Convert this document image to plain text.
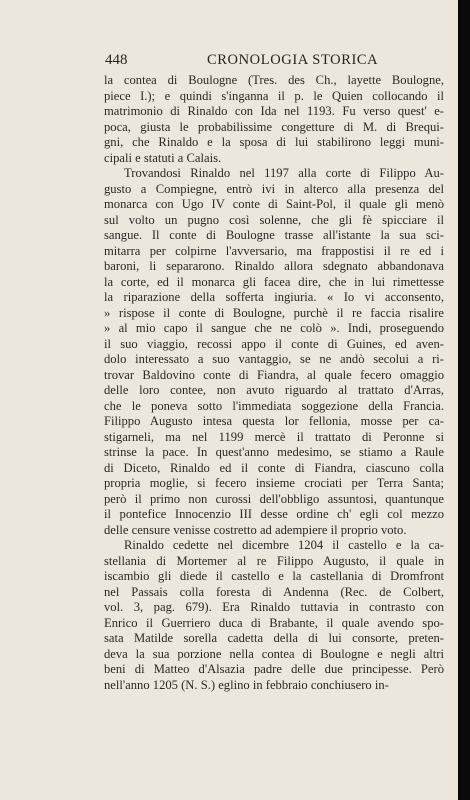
448	CRONOLOGIA STORICA
la contea di Boulogne (Tres. des Ch., layette Boulogne,
piece I.); e quindi s'inganna il p. le Quien collocando il
matrimonio di Rinaldo con Ida nel 1193. Fu verso quest' e-
poca, giusta le probabilissime congetture di M. di Brequi-
gni, che Rinaldo e la sposa di lui stabilirono leggi muni-
cipali e statuti a Calais.
Trovandosi Rinaldo nel 1197 alla corte di Filippo Au-
gusto a Compiegne, entrò ivi in alterco alla presenza del
monarca con Ugo IV conte di Saint-Pol, il quale gli menò
sul volto un pugno così solenne, che gli fè spicciare il
sangue. Il conte di Boulogne trasse all'istante la sua sci-
mitarra per colpirne l'avversario, ma frappostisi il re ed i
baroni, li separarono. Rinaldo allora sdegnato abbandonava
la corte, ed il monarca gli facea dire, che in lui rimettesse
la riparazione della sofferta ingiuria. « Io vi acconsento,
» rispose il conte di Boulogne, purchè il re faccia risalire
» al mio capo il sangue che ne colò ». Indi, proseguendo
il suo viaggio, recossi appo il conte di Guines, ed aven-
dolo interessato a suo vantaggio, se ne andò secolui a ri-
trovar Baldovino conte di Fiandra, al quale fecero omaggio
delle loro contee, non avuto riguardo al trattato d'Arras,
che le poneva sotto l'immediata soggezione della Francia.
Filippo Augusto intesa questa lor fellonia, mosse per ca-
stigarneli, ma nel 1199 mercè il trattato di Peronne si
strinse la pace. In quest'anno medesimo, se stiamo a Raule
di Diceto, Rinaldo ed il conte di Fiandra, ciascuno colla
propria moglie, si fecero insieme crociati per Terra Santa;
però il primo non curossi dell'obbligo assuntosi, quantunque
il pontefice Innocenzio III desse ordine ch' egli col mezzo
delle censure venisse costretto ad adempiere il proprio voto.
Rinaldo cedette nel dicembre 1204 il castello e la ca-
stellania di Mortemer al re Filippo Augusto, il quale in
iscambio gli diede il castello e la castellania di Dromfront
nel Passais colla foresta di Andenna (Rec. de Colbert,
vol. 3, pag. 679). Era Rinaldo tuttavia in contrasto con
Enrico il Guerriero duca di Brabante, il quale avendo spo-
sata Matilde sorella cadetta della di lui consorte, preten-
deva la sua porzione nella contea di Boulogne e negli altri
beni di Matteo d'Alsazia padre delle due principesse. Però
nell'anno 1205 (N. S.) eglino in febbraio conchiusero in-
